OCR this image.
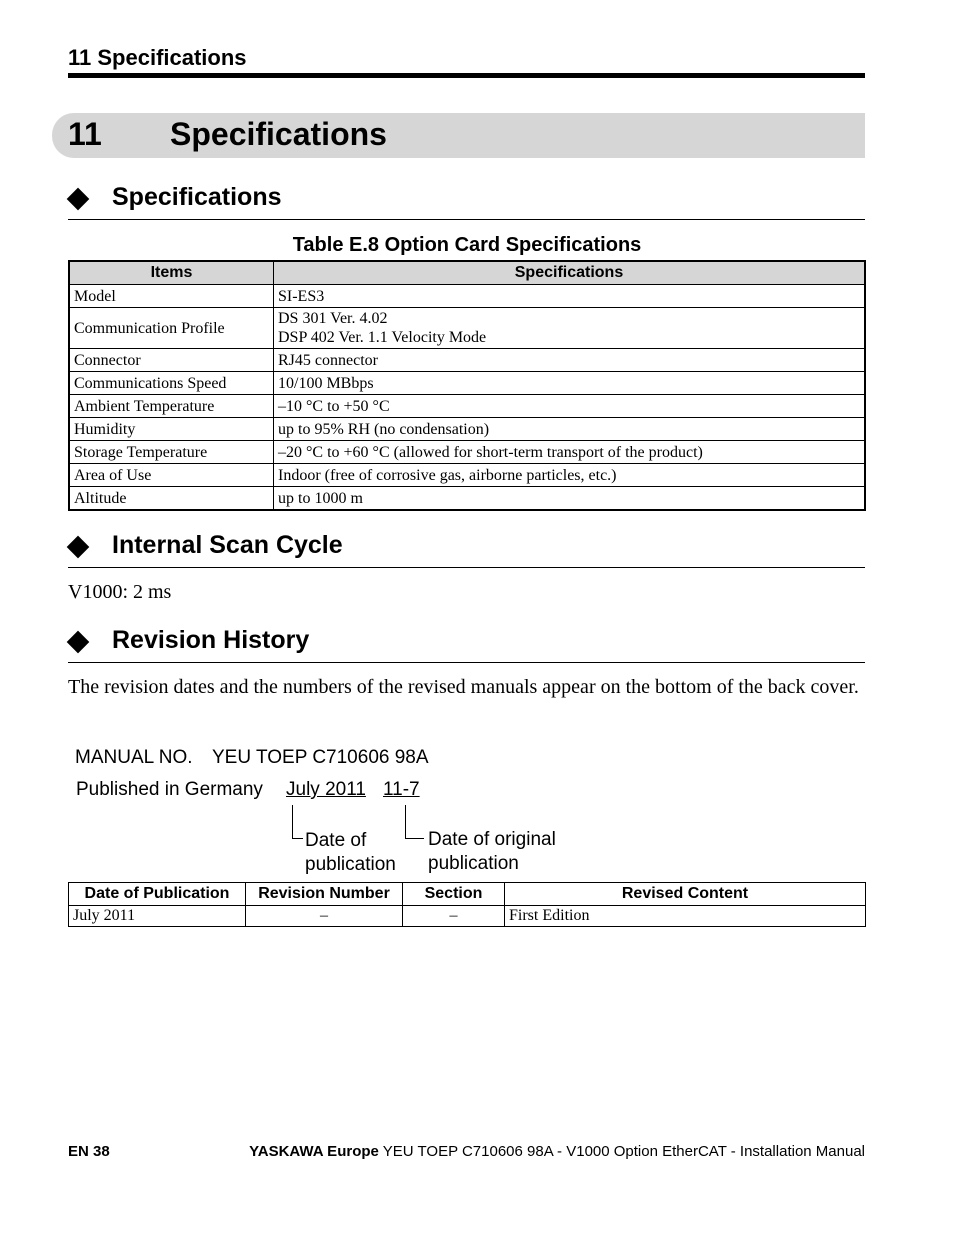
11 Specifications
11 Specifications
Specifications
Table E.8 Option Card Specifications
Items	Specifications
Model	SI-ES3
Communication Profile	DS 301 Ver. 4.02
DSP 402 Ver. 1.1 Velocity Mode

Connector	RJ45 connector
Communications Speed	10/100 MBbps
Ambient Temperature	–10 °C to +50 °C
Humidity	up to 95% RH (no condensation)
Storage Temperature	–20 °C to +60 °C (allowed for short-term transport of the product)
Area of Use	Indoor (free of corrosive gas, airborne particles, etc.)
Altitude	up to 1000 m
Internal Scan Cycle
V1000: 2 ms
Revision History
The revision dates and the numbers of the revised manuals appear on the bottom of the back cover.
MANUAL NO. YEU TOEP C710606 98A
Published in Germany July 2011 11-7
Date of
publication
Date of original
publication
Date of Publication	Revision Number	Section	Revised Content
July 2011	–	–	First Edition
EN 38	YASKAWA Europe YEU TOEP C710606 98A - V1000 Option EtherCAT - Installation Manual
